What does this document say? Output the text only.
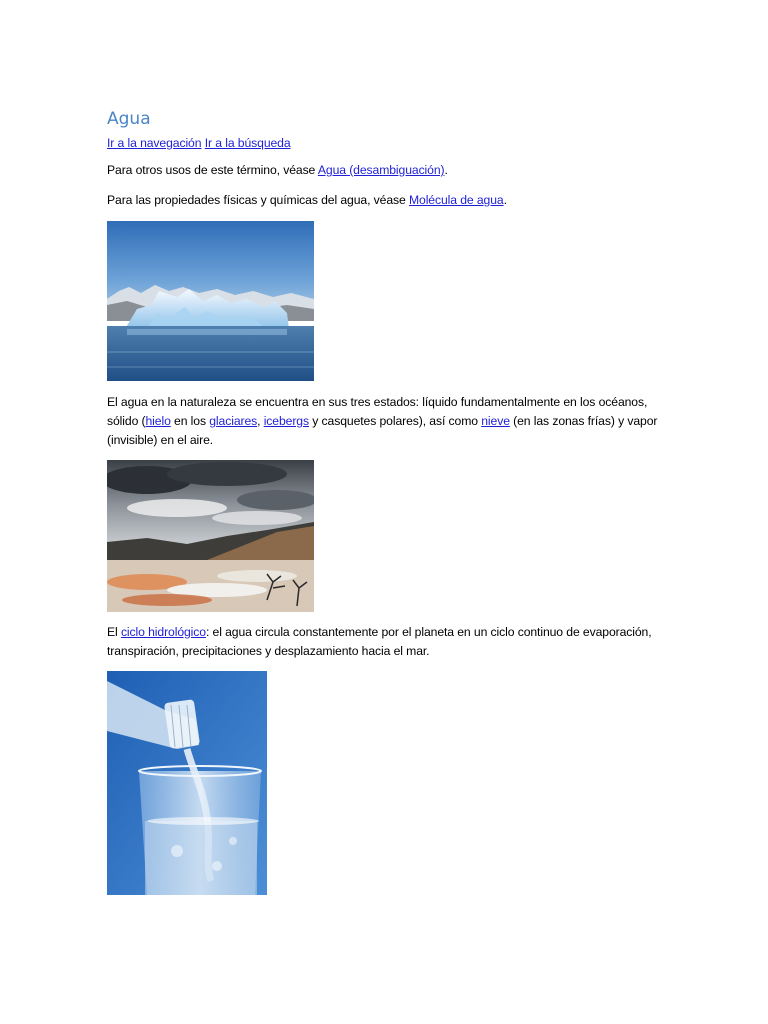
Agua

Ir a la navegación Ir a la búsqueda

Para otros usos de este término, véase Agua (desambiguación).

Para las propiedades físicas y químicas del agua, véase Molécula de agua.

El agua en la naturaleza se encuentra en sus tres estados: líquido fundamentalmente en los océanos, sólido (hielo en los glaciares, icebergs y casquetes polares), así como nieve (en las zonas frías) y vapor (invisible) en el aire.

El ciclo hidrológico: el agua circula constantemente por el planeta en un ciclo continuo de evaporación, transpiración, precipitaciones y desplazamiento hacia el mar.
